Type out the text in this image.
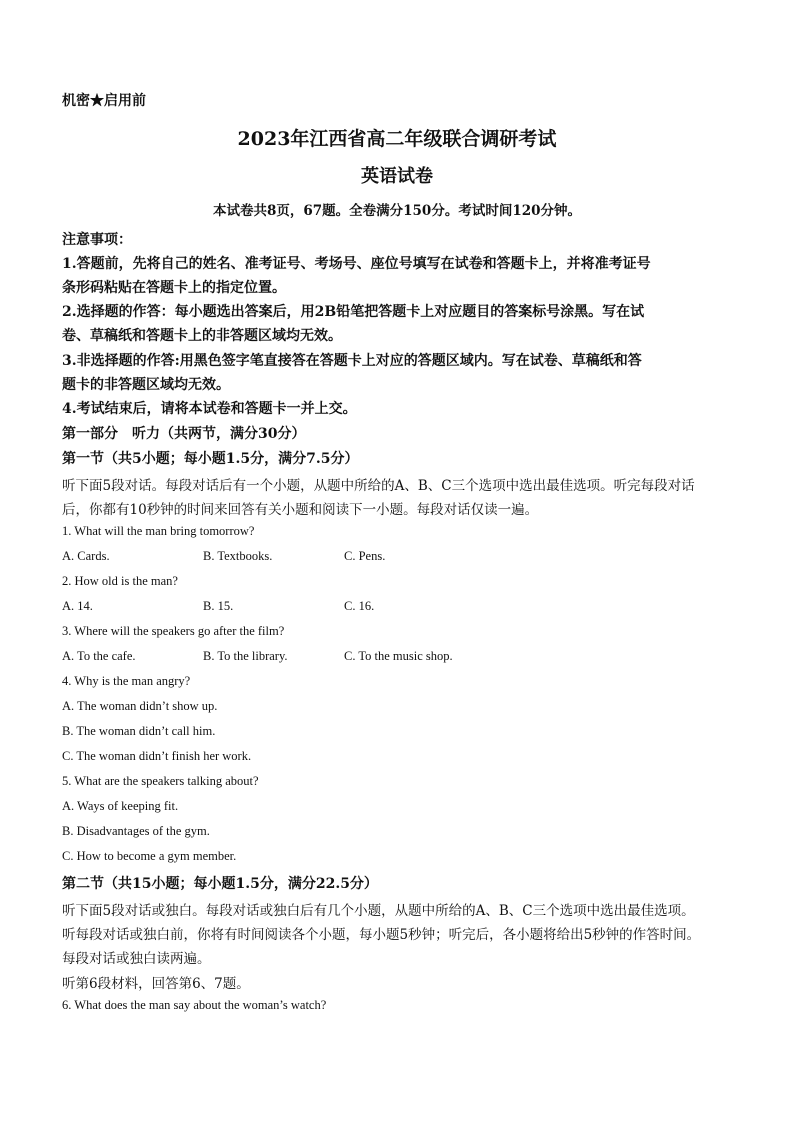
机密★启用前
2023年江西省高二年级联合调研考试
英语试卷
本试卷共8页，67题。全卷满分150分。考试时间120分钟。
注意事项：
1.答题前，先将自己的姓名、准考证号、考场号、座位号填写在试卷和答题卡上，并将准考证号
条形码粘贴在答题卡上的指定位置。
2.选择题的作答：每小题选出答案后，用2B铅笔把答题卡上对应题目的答案标号涂黑。写在试
卷、草稿纸和答题卡上的非答题区域均无效。
3.非选择题的作答:用黑色签字笔直接答在答题卡上对应的答题区域内。写在试卷、草稿纸和答
题卡的非答题区域均无效。
4.考试结束后，请将本试卷和答题卡一并上交。
第一部分　听力（共两节，满分30分）
第一节（共5小题；每小题1.5分，满分7.5分）
听下面5段对话。每段对话后有一个小题，从题中所给的A、B、C三个选项中选出最佳选项。听完每段对话
后，你都有10秒钟的时间来回答有关小题和阅读下一小题。每段对话仅读一遍。
1. What will the man bring tomorrow?
A. Cards.	B. Textbooks.	C. Pens.
2. How old is the man?
A. 14.	B. 15.	C. 16.
3. Where will the speakers go after the film?
A. To the cafe.	B. To the library.	C. To the music shop.
4. Why is the man angry?
A. The woman didn’t show up.
B. The woman didn’t call him.
C. The woman didn’t finish her work.
5. What are the speakers talking about?
A. Ways of keeping fit.
B. Disadvantages of the gym.
C. How to become a gym member.
第二节（共15小题；每小题1.5分，满分22.5分）
听下面5段对话或独白。每段对话或独白后有几个小题，从题中所给的A、B、C三个选项中选出最佳选项。
听每段对话或独白前，你将有时间阅读各个小题，每小题5秒钟；听完后，各小题将给出5秒钟的作答时间。
每段对话或独白读两遍。
听第6段材料，回答第6、7题。
6. What does the man say about the woman’s watch?
